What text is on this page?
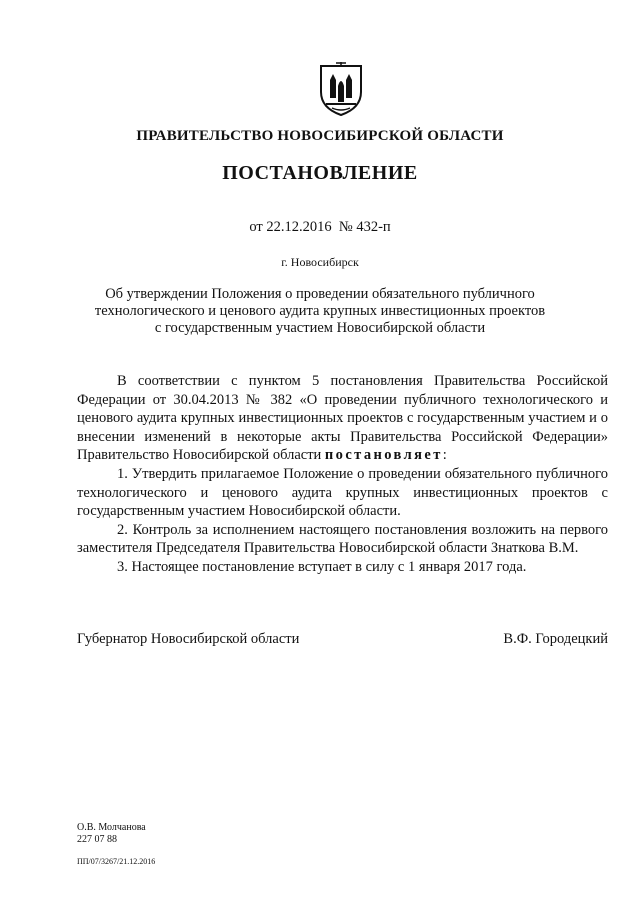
ПРАВИТЕЛЬСТВО НОВОСИБИРСКОЙ ОБЛАСТИ
ПОСТАНОВЛЕНИЕ
от 22.12.2016 № 432-п
г. Новосибирск
Об утверждении Положения о проведении обязательного публичного
технологического и ценового аудита крупных инвестиционных проектов
с государственным участием Новосибирской области

В соответствии с пунктом 5 постановления Правительства Российской Федерации от 30.04.2013 № 382 «О проведении публичного технологического и ценового аудита крупных инвестиционных проектов с государственным участием и о внесении изменений в некоторые акты Правительства Российской Федерации» Правительство Новосибирской области постановляет:

1. Утвердить прилагаемое Положение о проведении обязательного публичного технологического и ценового аудита крупных инвестиционных проектов с государственным участием Новосибирской области.

2. Контроль за исполнением настоящего постановления возложить на первого заместителя Председателя Правительства Новосибирской области Знаткова В.М.

3. Настоящее постановление вступает в силу с 1 января 2017 года.

Губернатор Новосибирской области	В.Ф. Городецкий
О.В. Молчанова
227 07 88
ПП/07/3267/21.12.2016
